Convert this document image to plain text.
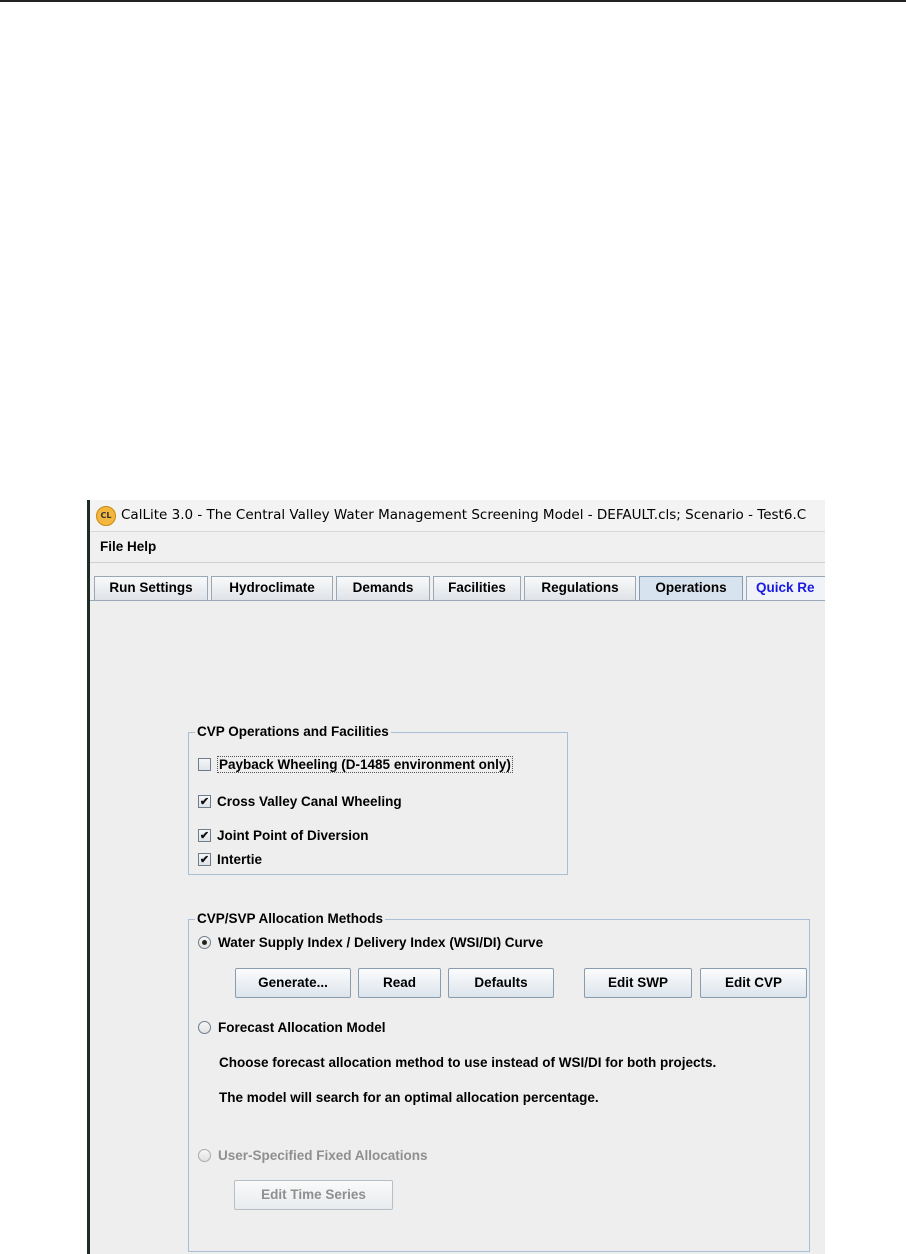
CL CalLite 3.0 - The Central Valley Water Management Screening Model - DEFAULT.cls; Scenario - Test6.C
File Help
Run Settings	Hydroclimate	Demands	Facilities	Regulations	Operations	Quick Re
CVP Operations and Facilities
Payback Wheeling (D-1485 environment only)
✔ Cross Valley Canal Wheeling
✔ Joint Point of Diversion
✔ Intertie
CVP/SVP Allocation Methods
Water Supply Index / Delivery Index (WSI/DI) Curve
Generate...	Read	Defaults	Edit SWP	Edit CVP
Forecast Allocation Model
Choose forecast allocation method to use instead of WSI/DI for both projects.
The model will search for an optimal allocation percentage.
User-Specified Fixed Allocations
Edit Time Series
